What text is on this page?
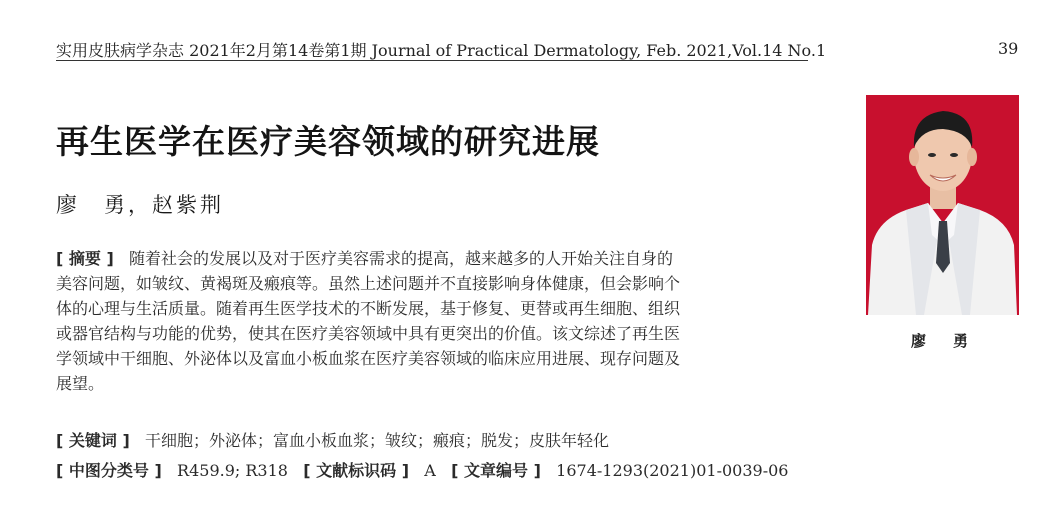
实用皮肤病学杂志 2021年2月第14卷第1期 Journal of Practical Dermatology, Feb. 2021,Vol.14 No.1	39
再生医学在医疗美容领域的研究进展
廖　勇，赵紫荆
[ 摘要 ] 随着社会的发展以及对于医疗美容需求的提高，越来越多的人开始关注自身的
美容问题，如皱纹、黄褐斑及瘢痕等。虽然上述问题并不直接影响身体健康，但会影响个
体的心理与生活质量。随着再生医学技术的不断发展，基于修复、更替或再生细胞、组织
或器官结构与功能的优势，使其在医疗美容领域中具有更突出的价值。该文综述了再生医
学领域中干细胞、外泌体以及富血小板血浆在医疗美容领域的临床应用进展、现存问题及
展望。
[ 关键词 ] 干细胞；外泌体；富血小板血浆；皱纹；瘢痕；脱发；皮肤年轻化
[ 中图分类号 ] R459.9; R318 [ 文献标识码 ] A [ 文章编号 ] 1674-1293(2021)01-0039-06
廖　勇
